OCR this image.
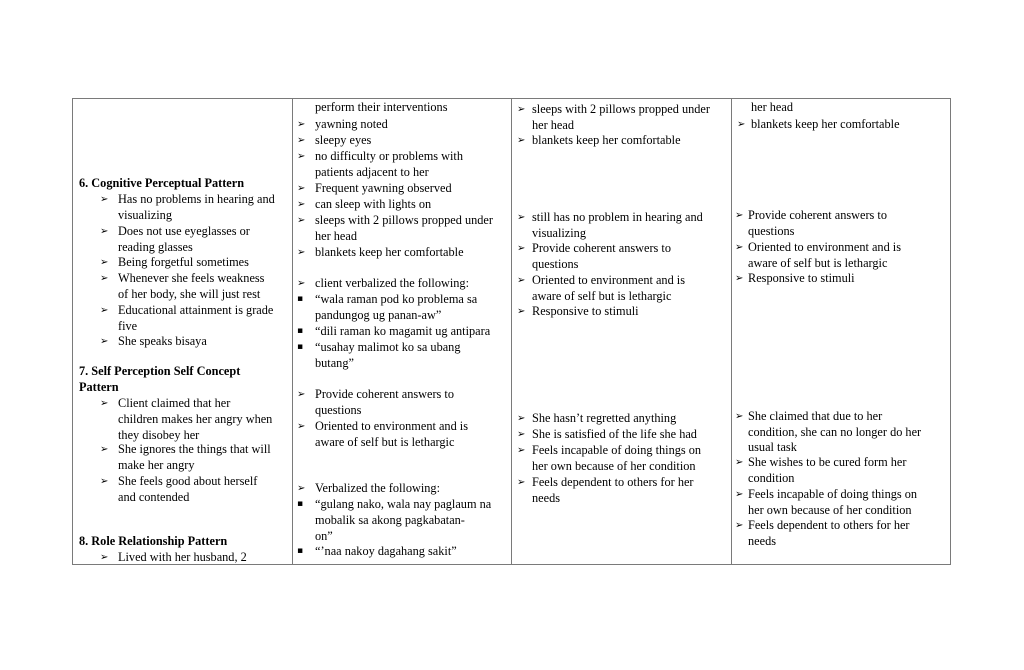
6. Cognitive Perceptual Pattern
➢ Has no problems in hearing and
visualizing
➢ Does not use eyeglasses or
reading glasses
➢ Being forgetful sometimes
➢ Whenever she feels weakness
of her body, she will just rest
➢ Educational attainment is grade
five
➢ She speaks bisaya
7. Self Perception Self Concept
Pattern
➢ Client claimed that her
children makes her angry when
they disobey her
➢ She ignores the things that will
make her angry
➢ She feels good about herself
and contended
8. Role Relationship Pattern
➢ Lived with her husband, 2
perform their interventions
➢ yawning noted
➢ sleepy eyes
➢ no difficulty or problems with
patients adjacent to her
➢ Frequent yawning observed
➢ can sleep with lights on
➢ sleeps with 2 pillows propped under
her head
➢ blankets keep her comfortable
➢ client verbalized the following:
▪ “wala raman pod ko problema sa
pandungog ug panan-aw”
▪ “dili raman ko magamit ug antipara
▪ “usahay malimot ko sa ubang
butang”
➢ Provide coherent answers to
questions
➢ Oriented to environment and is
aware of self but is lethargic
➢ Verbalized the following:
▪ “gulang nako, wala nay paglaum na
mobalik sa akong pagkabatan-
on”
▪ “’naa nakoy dagahang sakit”
➢ sleeps with 2 pillows propped under
her head
➢ blankets keep her comfortable
➢ still has no problem in hearing and
visualizing
➢ Provide coherent answers to
questions
➢ Oriented to environment and is
aware of self but is lethargic
➢ Responsive to stimuli
➢ She hasn’t regretted anything
➢ She is satisfied of the life she had
➢ Feels incapable of doing things on
her own because of her condition
➢ Feels dependent to others for her
needs
her head
➢ blankets keep her comfortable
➢ Provide coherent answers to
questions
➢ Oriented to environment and is
aware of self but is lethargic
➢ Responsive to stimuli
➢ She claimed that due to her
condition, she can no longer do her
usual task
➢ She wishes to be cured form her
condition
➢ Feels incapable of doing things on
her own because of her condition
➢ Feels dependent to others for her
needs
